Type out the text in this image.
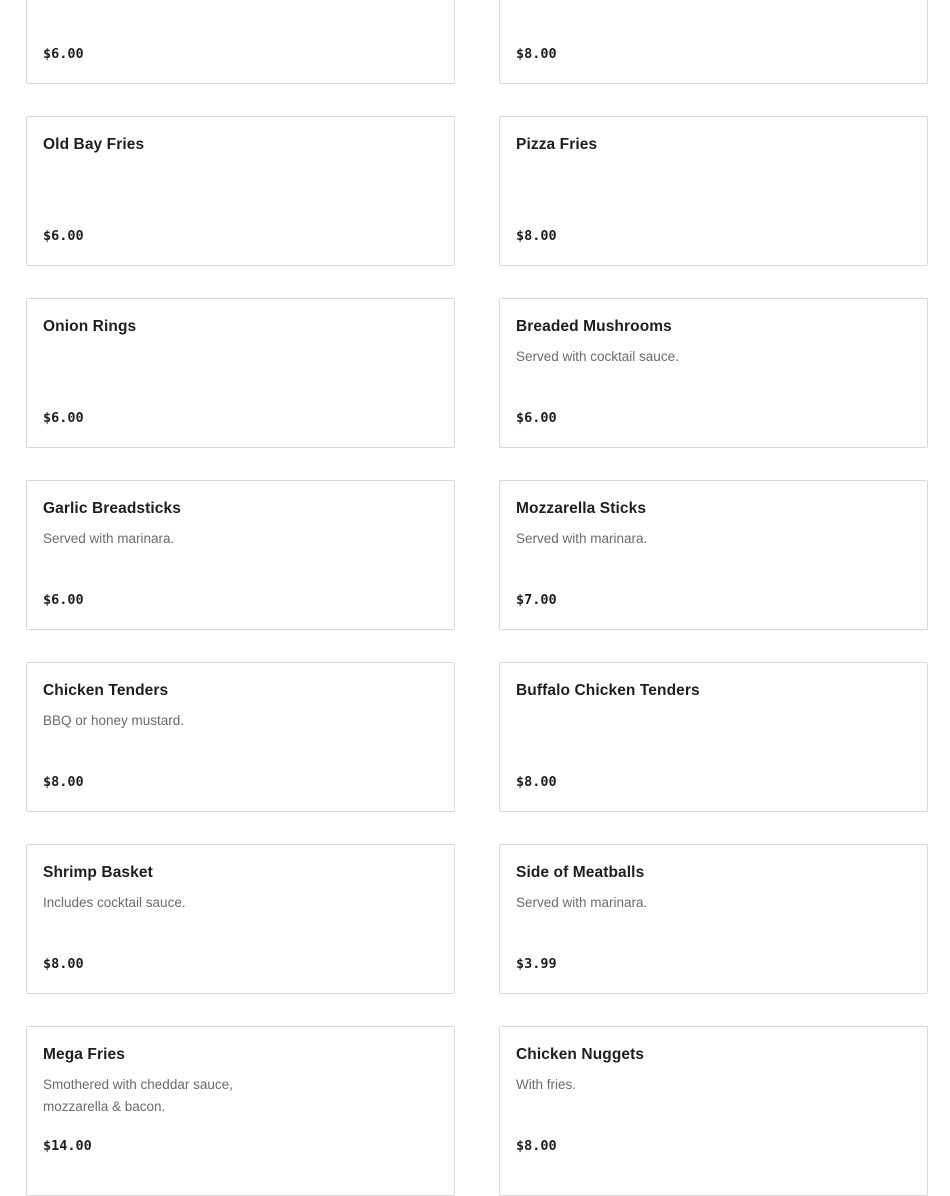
$6.00	$8.00

Old Bay Fries

$6.00

Pizza Fries

$8.00

Onion Rings

$6.00

Breaded Mushrooms

Served with cocktail sauce.

$6.00

Garlic Breadsticks

Served with marinara.

$6.00

Mozzarella Sticks

Served with marinara.

$7.00

Chicken Tenders

BBQ or honey mustard.

$8.00

Buffalo Chicken Tenders

$8.00

Shrimp Basket

Includes cocktail sauce.

$8.00

Side of Meatballs

Served with marinara.

$3.99

Mega Fries

Smothered with cheddar sauce, mozzarella & bacon.

$14.00

Chicken Nuggets

With fries.

$8.00
